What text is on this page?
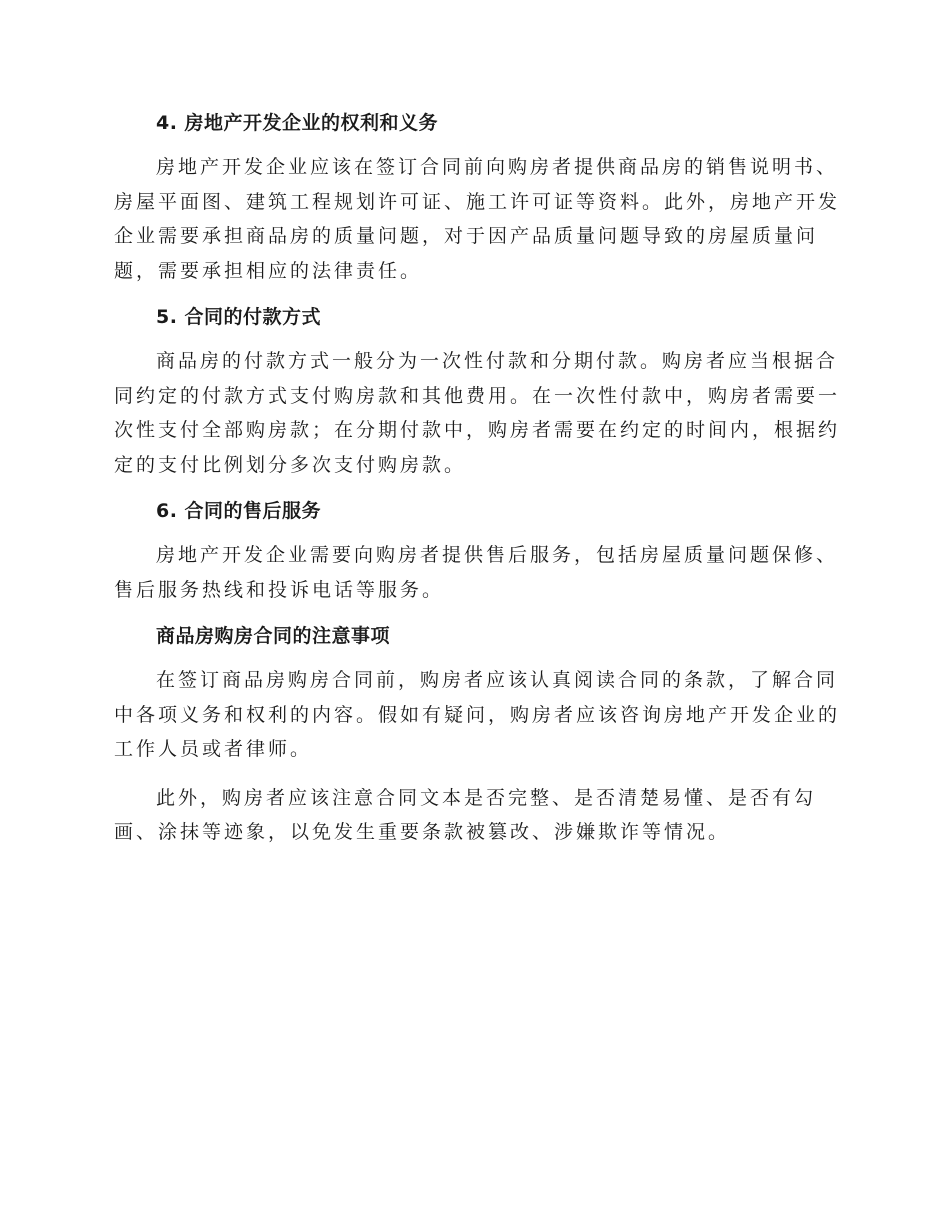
4. 房地产开发企业的权利和义务
房地产开发企业应该在签订合同前向购房者提供商品房的销售说明书、
房屋平面图、建筑工程规划许可证、施工许可证等资料。此外，房地产开发
企业需要承担商品房的质量问题，对于因产品质量问题导致的房屋质量问
题，需要承担相应的法律责任。
5. 合同的付款方式
商品房的付款方式一般分为一次性付款和分期付款。购房者应当根据合
同约定的付款方式支付购房款和其他费用。在一次性付款中，购房者需要一
次性支付全部购房款；在分期付款中，购房者需要在约定的时间内，根据约
定的支付比例划分多次支付购房款。
6. 合同的售后服务
房地产开发企业需要向购房者提供售后服务，包括房屋质量问题保修、
售后服务热线和投诉电话等服务。
商品房购房合同的注意事项
在签订商品房购房合同前，购房者应该认真阅读合同的条款，了解合同
中各项义务和权利的内容。假如有疑问，购房者应该咨询房地产开发企业的
工作人员或者律师。
此外，购房者应该注意合同文本是否完整、是否清楚易懂、是否有勾
画、涂抹等迹象，以免发生重要条款被篡改、涉嫌欺诈等情况。
